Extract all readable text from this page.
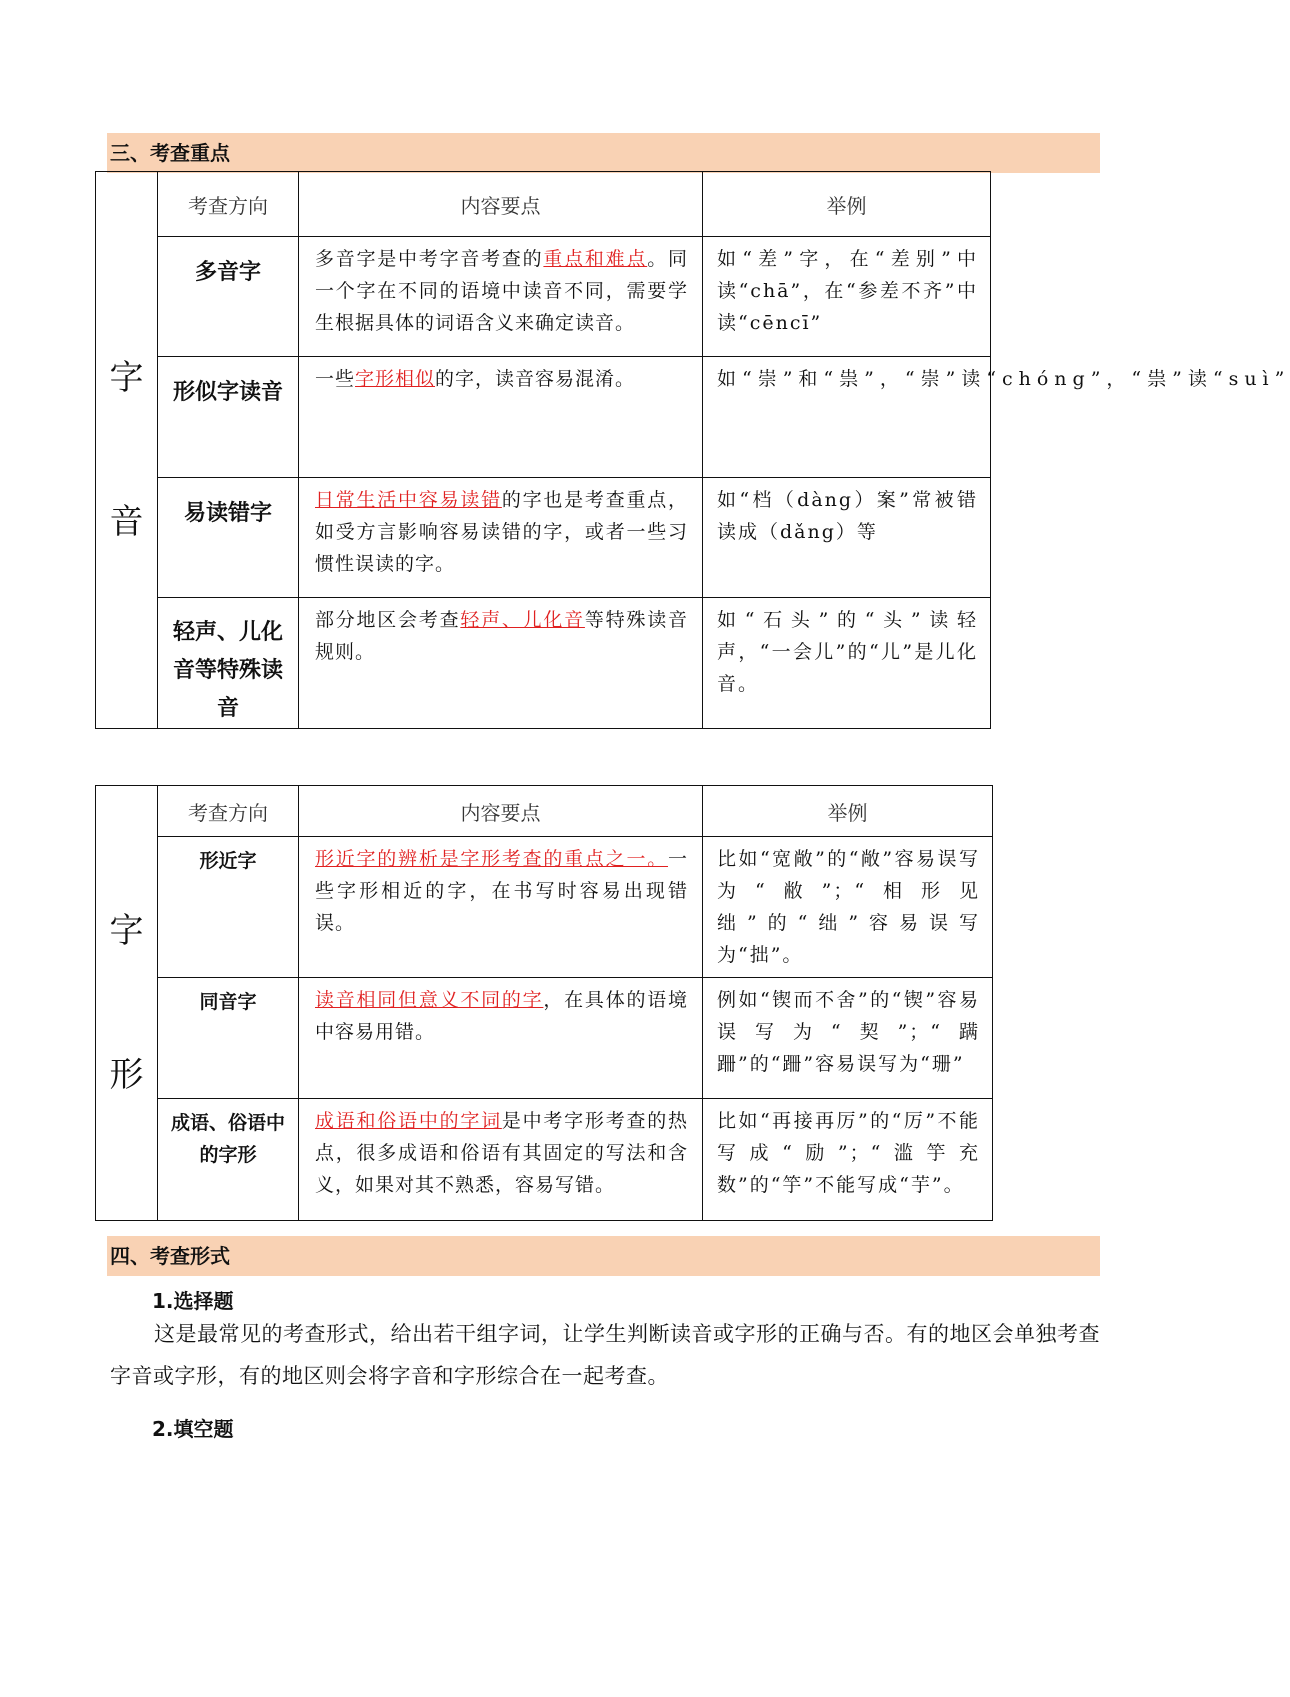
三、考查重点
字
音	考查方向	内容要点	举例
	多音字	多音字是中考字音考查的重点和难点。同一个字在不同的语境中读音不同，需要学生根据具体的词语含义来确定读音。	如“差”字，在“差别”中读“chā”，在“参差不齐”中读“cēncī”
	形似字读音	一些字形相似的字，读音容易混淆。	如“崇”和“祟”，“崇”读“chóng”，“祟”读“suì”
	易读错字	日常生活中容易读错的字也是考查重点，如受方言影响容易读错的字，或者一些习惯性误读的字。	如“档（dàng）案”常被错读成（dǎng）等
	轻声、儿化音等特殊读音	部分地区会考查轻声、儿化音等特殊读音规则。	如“石头”的“头”读轻声，“一会儿”的“儿”是儿化音。
字
形	考查方向	内容要点	举例
	形近字	形近字的辨析是字形考查的重点之一。一些字形相近的字，在书写时容易出现错误。	比如“宽敞”的“敞”容易误写为“敝”；“相形见绌”的“绌”容易误写为“拙”。
	同音字	读音相同但意义不同的字，在具体的语境中容易用错。	例如“锲而不舍”的“锲”容易误写为“契”；“蹒跚”的“跚”容易误写为“珊”
	成语、俗语中的字形	成语和俗语中的字词是中考字形考查的热点，很多成语和俗语有其固定的写法和含义，如果对其不熟悉，容易写错。	比如“再接再厉”的“厉”不能写成“励”；“滥竽充数”的“竽”不能写成“芋”。
四、考查形式
1.选择题
这是最常见的考查形式，给出若干组字词，让学生判断读音或字形的正确与否。有的地区会单独考查字音或字形，有的地区则会将字音和字形综合在一起考查。
2.填空题
